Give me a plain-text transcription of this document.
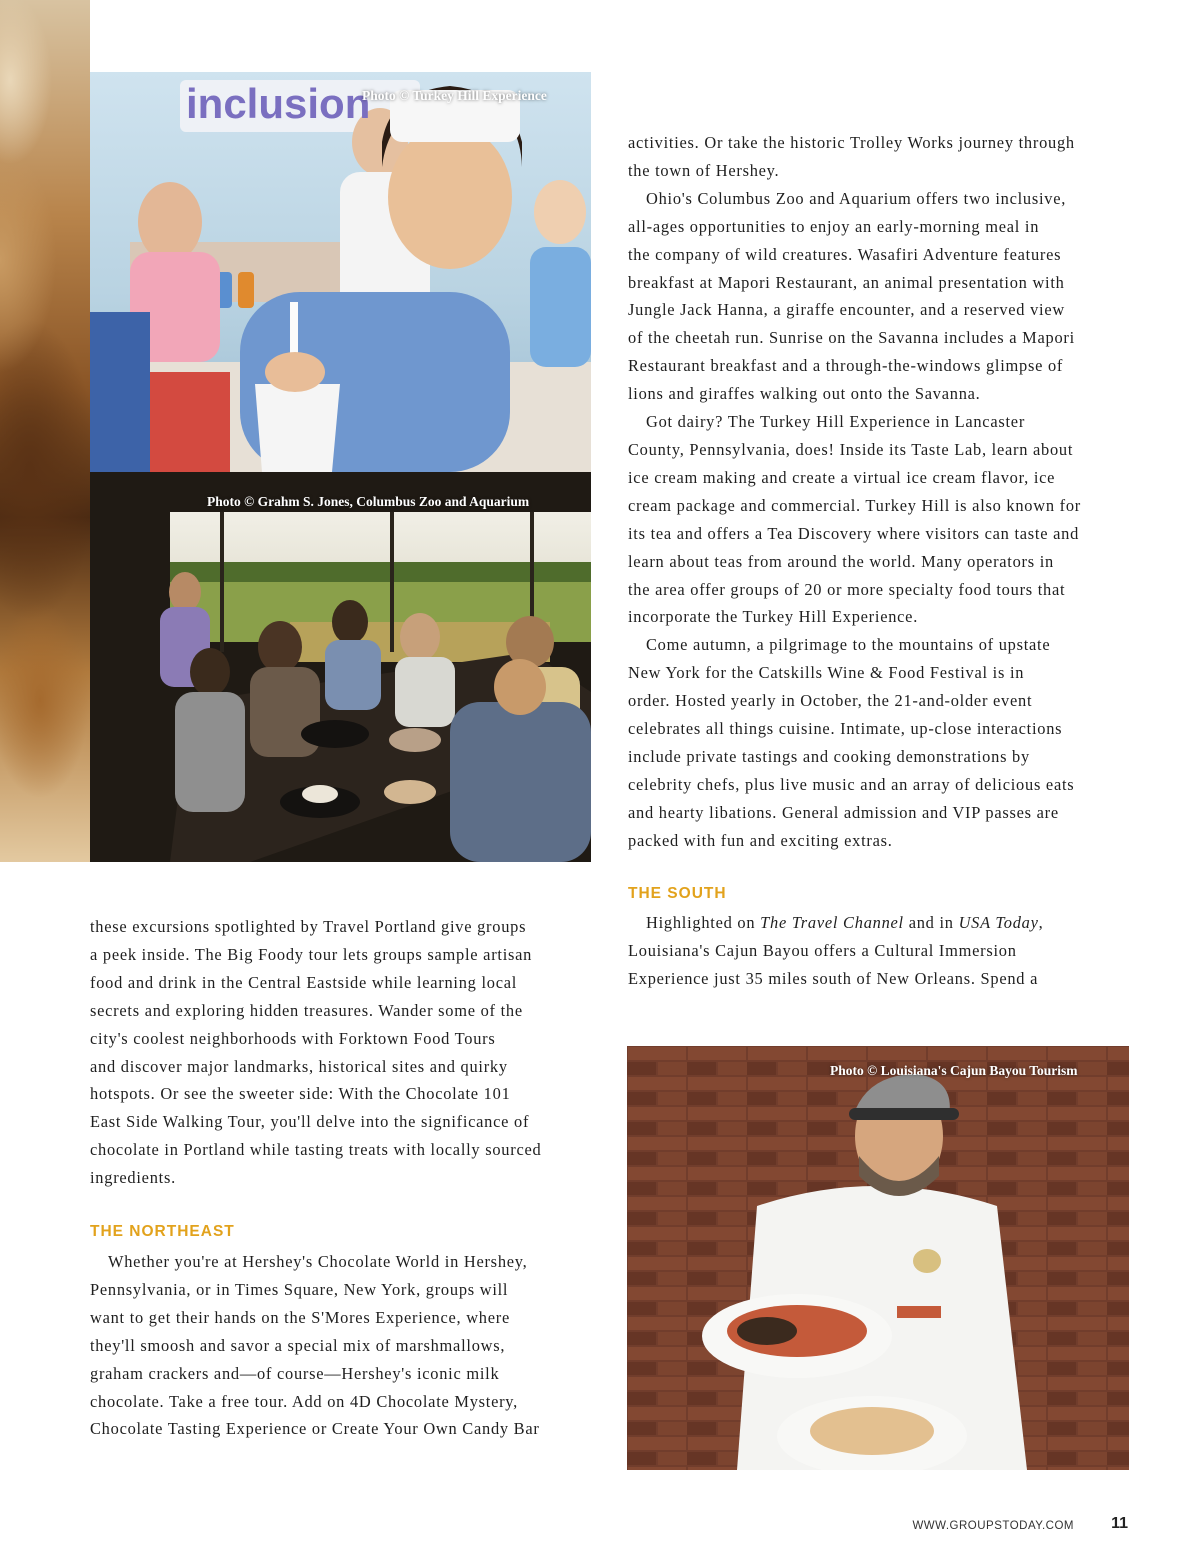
inclusion
Photo © Turkey Hill Experience
Photo © Grahm S. Jones, Columbus Zoo and Aquarium
Photo © Louisiana's Cajun Bayou Tourism

activities. Or take the historic Trolley Works journey through

the town of Hershey.

Ohio's Columbus Zoo and Aquarium offers two inclusive,

all-ages opportunities to enjoy an early-morning meal in

the company of wild creatures. Wasafiri Adventure features

breakfast at Mapori Restaurant, an animal presentation with

Jungle Jack Hanna, a giraffe encounter, and a reserved view

of the cheetah run. Sunrise on the Savanna includes a Mapori

Restaurant breakfast and a through-the-windows glimpse of

lions and giraffes walking out onto the Savanna.

Got dairy? The Turkey Hill Experience in Lancaster

County, Pennsylvania, does! Inside its Taste Lab, learn about

ice cream making and create a virtual ice cream flavor, ice

cream package and commercial. Turkey Hill is also known for

its tea and offers a Tea Discovery where visitors can taste and

learn about teas from around the world. Many operators in

the area offer groups of 20 or more specialty food tours that

incorporate the Turkey Hill Experience.

Come autumn, a pilgrimage to the mountains of upstate

New York for the Catskills Wine & Food Festival is in

order. Hosted yearly in October, the 21-and-older event

celebrates all things cuisine. Intimate, up-close interactions

include private tastings and cooking demonstrations by

celebrity chefs, plus live music and an array of delicious eats

and hearty libations. General admission and VIP passes are

packed with fun and exciting extras.

THE SOUTH

Highlighted on The Travel Channel and in USA Today,

Louisiana's Cajun Bayou offers a Cultural Immersion

Experience just 35 miles south of New Orleans. Spend a

these excursions spotlighted by Travel Portland give groups

a peek inside. The Big Foody tour lets groups sample artisan

food and drink in the Central Eastside while learning local

secrets and exploring hidden treasures. Wander some of the

city's coolest neighborhoods with Forktown Food Tours

and discover major landmarks, historical sites and quirky

hotspots. Or see the sweeter side: With the Chocolate 101

East Side Walking Tour, you'll delve into the significance of

chocolate in Portland while tasting treats with locally sourced

ingredients.

THE NORTHEAST

Whether you're at Hershey's Chocolate World in Hershey,

Pennsylvania, or in Times Square, New York, groups will

want to get their hands on the S'Mores Experience, where

they'll smoosh and savor a special mix of marshmallows,

graham crackers and—of course—Hershey's iconic milk

chocolate. Take a free tour. Add on 4D Chocolate Mystery,

Chocolate Tasting Experience or Create Your Own Candy Bar

WWW.GROUPSTODAY.COM 11
